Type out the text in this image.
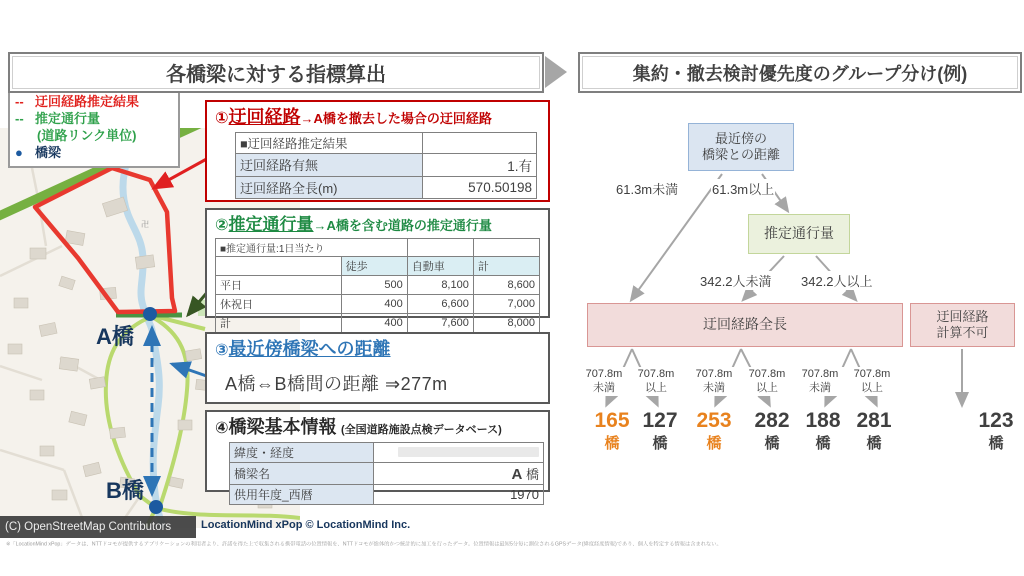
各橋梁に対する指標算出	集約・撤去検討優先度のグループ分け(例)
卍
A橋
B橋
-- 迂回経路推定結果
-- 推定通行量
(道路リンク単位)
● 橋梁
①迂回経路→A橋を撤去した場合の迂回経路
■迂回経路推定結果	
迂回経路有無	1.有
迂回経路全長(m)	570.50198
②推定通行量→A橋を含む道路の推定通行量
■推定通行量:1日当たり			
	徒歩	自動車	計
平日	500	8,100	8,600
休祝日	400	6,600	7,000
計	400	7,600	8,000
③最近傍橋梁への距離
A橋⇔B橋間の距離 ⇒277m
④橋梁基本情報 (全国道路施設点検データベース)
緯度・経度	
橋梁名	A 橋
供用年度_西暦	1970
最近傍の
橋梁との距離
61.3m未満	61.3m以上
推定通行量
342.2人未満 342.2人以上
迂回経路全長	迂回経路
計算不可
707.8m
未満
707.8m
以上
707.8m
未満
707.8m
以上
707.8m
未満
707.8m
以上
165
橋
127
橋
253
橋
282
橋
188
橋
281
橋
123
橋
(C) OpenStreetMap Contributors	LocationMind xPop © LocationMind Inc.
※「LocationMind xPop」データは、NTTドコモが提供するアプリケーションの利用者より、許諾を得た上で収集される携帯電話の位置情報を、NTTドコモが総体的かつ統計的に加工を行ったデータ。位置情報は最短5分毎に測位されるGPSデータ(緯度経度情報)であり、個人を特定する情報は含まれない。
